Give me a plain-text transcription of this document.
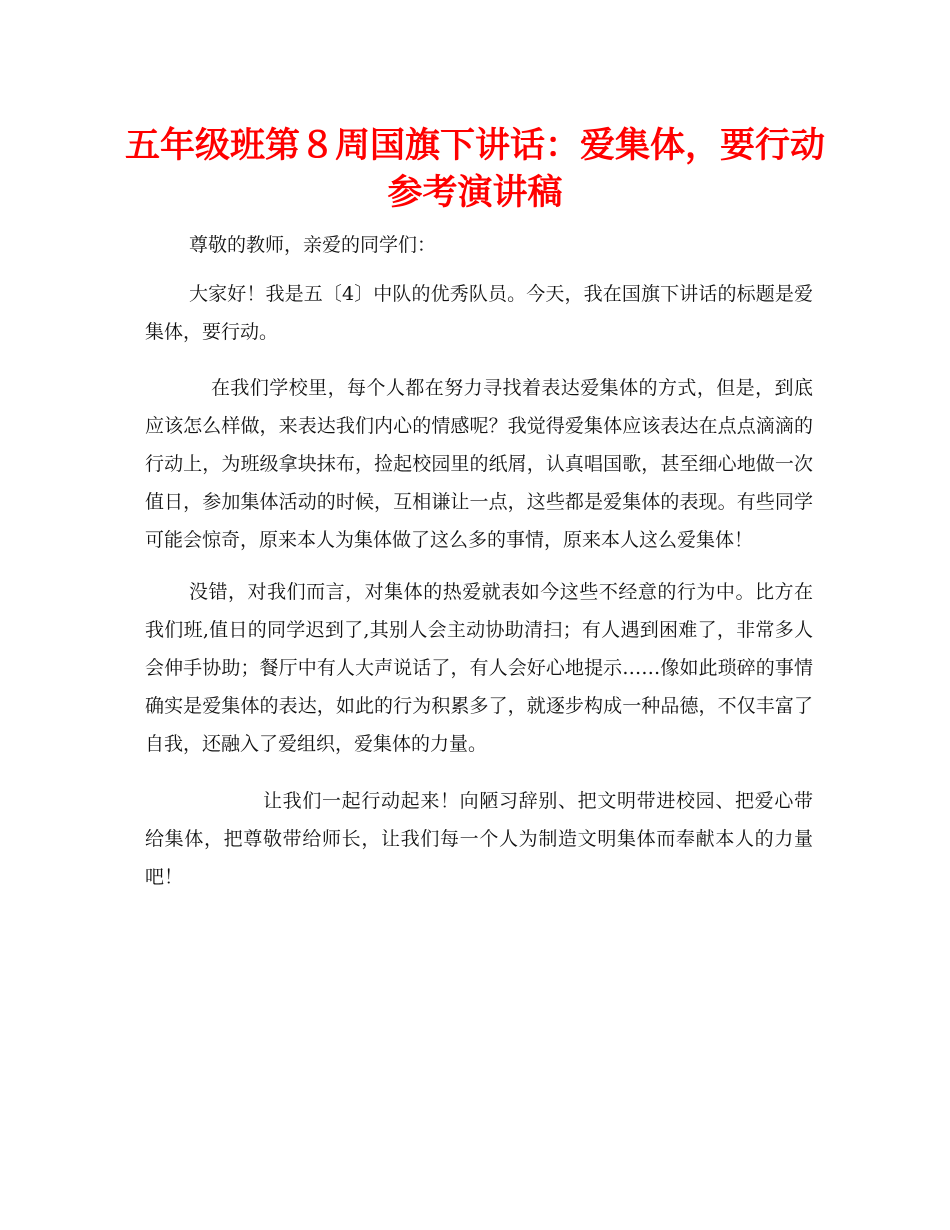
五年级班第８周国旗下讲话：爱集体，要行动参考演讲稿

尊敬的教师，亲爱的同学们：

大家好！我是五〔4〕中队的优秀队员。今天，我在国旗下讲话的标题是爱集体，要行动。

在我们学校里，每个人都在努力寻找着表达爱集体的方式，但是，到底应该怎么样做，来表达我们内心的情感呢？我觉得爱集体应该表达在点点滴滴的行动上，为班级拿块抹布，捡起校园里的纸屑，认真唱国歌，甚至细心地做一次值日，参加集体活动的时候，互相谦让一点，这些都是爱集体的表现。有些同学可能会惊奇，原来本人为集体做了这么多的事情，原来本人这么爱集体！

没错，对我们而言，对集体的热爱就表如今这些不经意的行为中。比方在我们班,值日的同学迟到了,其别人会主动协助清扫；有人遇到困难了，非常多人会伸手协助；餐厅中有人大声说话了，有人会好心地提示……像如此琐碎的事情确实是爱集体的表达，如此的行为积累多了，就逐步构成一种品德，不仅丰富了自我，还融入了爱组织，爱集体的力量。

让我们一起行动起来！向陋习辞别、把文明带进校园、把爱心带给集体，把尊敬带给师长，让我们每一个人为制造文明集体而奉献本人的力量吧！
